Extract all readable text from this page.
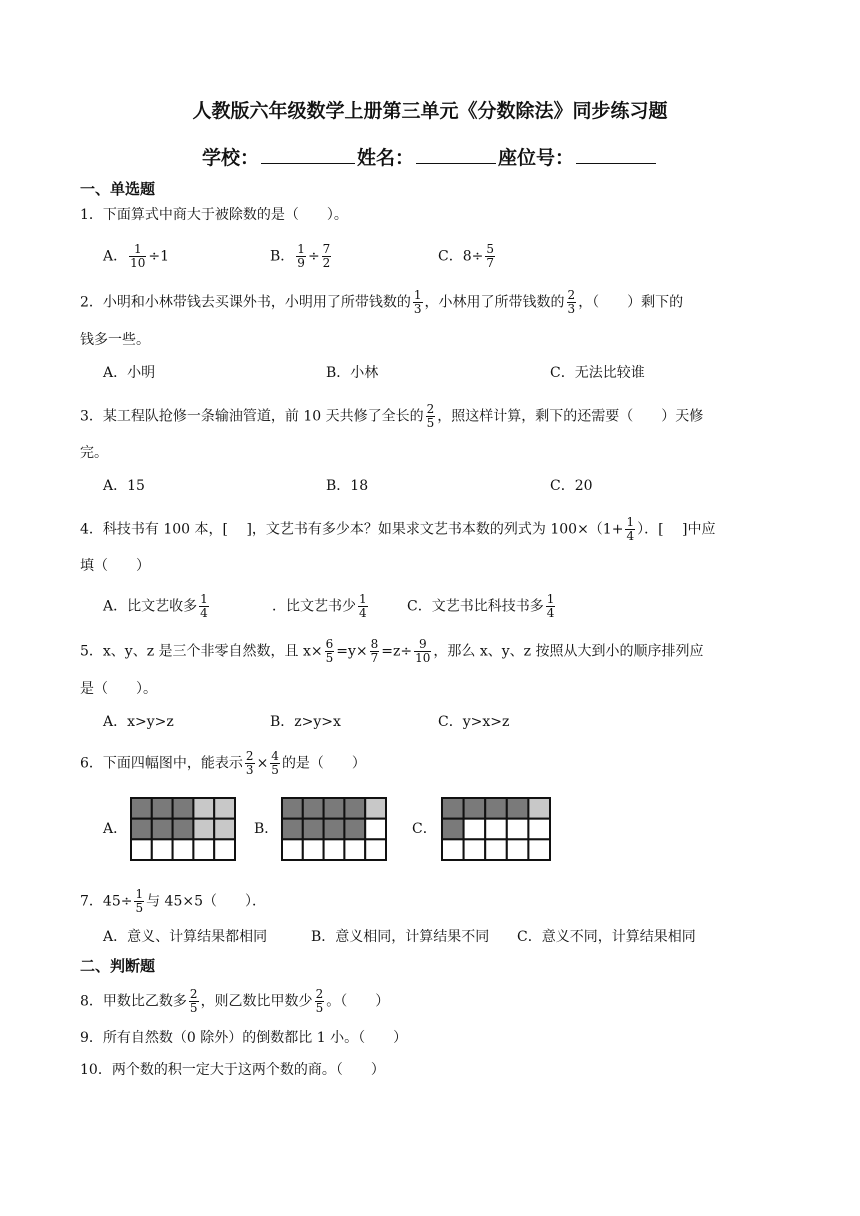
人教版六年级数学上册第三单元《分数除法》同步练习题
学校：	姓名：	座位号：
一、单选题
1．下面算式中商大于被除数的是（　　）。
A． $\frac{1}{10} \div 1$	B． $\frac{1}{9} \div \frac{7}{2}$	C．$8\div \frac{5}{7}$
2．小明和小林带钱去买课外书，小明用了所带钱数的 $\frac{1}{3}$ ，小林用了所带钱数的 $\frac{2}{3}$ ，（　　）剩下的
钱多一些。
A．小明	B．小林	C．无法比较谁
3．某工程队抢修一条输油管道，前 10 天共修了全长的 $\frac{2}{5}$ ，照这样计算，剩下的还需要（　　）天修
完。
A．15	B．18	C．20
4．科技书有 100 本，[　 ]，文艺书有多少本？如果求文艺书本数的列式为 $100\times(1+ \frac{1}{4}$ ）．[　 ]中应
填（　　）
A．比文艺收多 $\frac{1}{4}$	．比文艺书少 $\frac{1}{4}$	C．文艺书比科技书多 $\frac{1}{4}$
5．x、y、z 是三个非零自然数，且 $x\times \frac{6}{5} =y\times \frac{8}{7} =z\div \frac{9}{10}$ ，那么 x、y、z 按照从大到小的顺序排列应
是（　　）。
A．x>y>z	B．z>y>x	C．y>x>z
6．下面四幅图中，能表示 $\frac{2}{3} \times \frac{4}{5}$ 的是（　　）
A．	B．	C．
7．$45\div \frac{1}{5}$ 与 45×5（　　）．
A．意义、计算结果都相同	B．意义相同，计算结果不同 C．意义不同，计算结果相同
二、判断题
8．甲数比乙数多 $\frac{2}{5}$ ，则乙数比甲数少 $\frac{2}{5}$ 。（　　）
9．所有自然数（0 除外）的倒数都比 1 小。（　　）
10．两个数的积一定大于这两个数的商。（　　）
